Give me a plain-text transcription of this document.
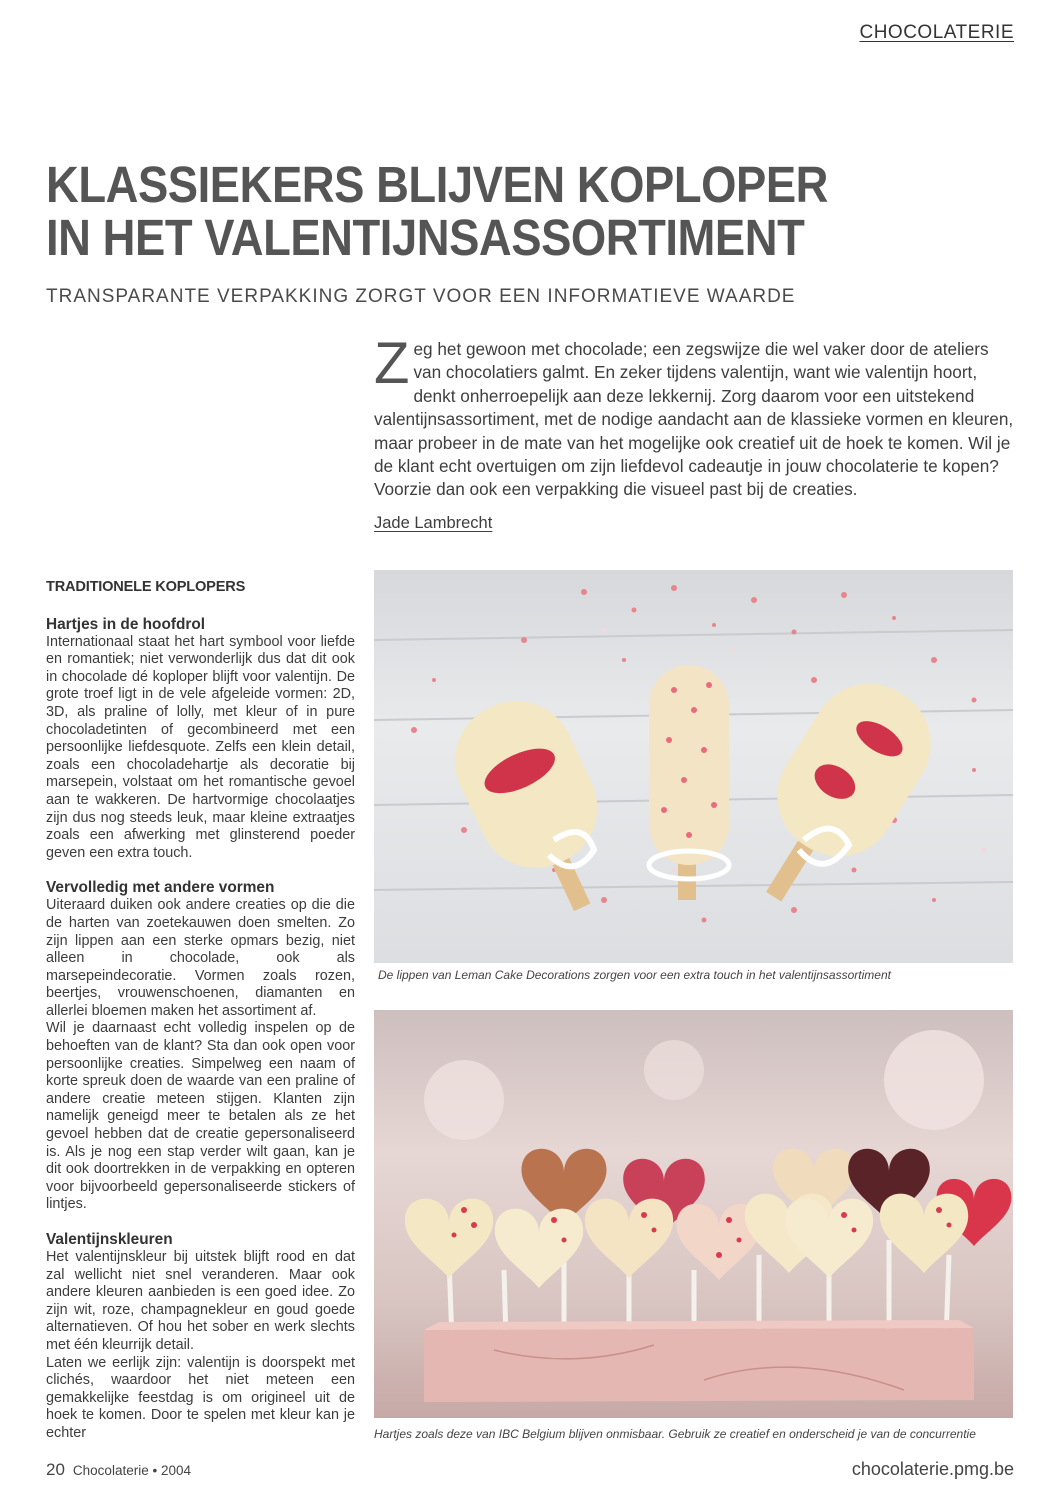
CHOCOLATERIE
KLASSIEKERS BLIJVEN KOPLOPER
IN HET VALENTIJNSASSORTIMENT
TRANSPARANTE VERPAKKING ZORGT VOOR EEN INFORMATIEVE WAARDE

Zeg het gewoon met chocolade; een zegswijze die wel vaker door de ateliers van chocolatiers galmt. En zeker tijdens valentijn, want wie valentijn hoort, denkt onherroepelijk aan deze lekkernij. Zorg daarom voor een uitstekend valentijnsassortiment, met de nodige aandacht aan de klassieke vormen en kleuren, maar probeer in de mate van het mogelijke ook creatief uit de hoek te komen. Wil je de klant echt overtuigen om zijn liefdevol cadeautje in jouw chocolaterie te kopen? Voorzie dan ook een verpakking die visueel past bij de creaties.

Jade Lambrecht
TRADITIONELE KOPLOPERS
Hartjes in de hoofdrol

Internationaal staat het hart symbool voor liefde en romantiek; niet verwonderlijk dus dat dit ook in chocolade dé koploper blijft voor valentijn. De grote troef ligt in de vele afgeleide vormen: 2D, 3D, als praline of lolly, met kleur of in pure chocoladetinten of gecombineerd met een persoonlijke liefdesquote. Zelfs een klein detail, zoals een chocoladehartje als decoratie bij marsepein, volstaat om het romantische gevoel aan te wakkeren. De hartvormige chocolaatjes zijn dus nog steeds leuk, maar kleine extraatjes zoals een afwerking met glinsterend poeder geven een extra touch.

Vervolledig met andere vormen

Uiteraard duiken ook andere creaties op die die de harten van zoetekauwen doen smelten. Zo zijn lippen aan een sterke opmars bezig, niet alleen in chocolade, ook als marsepeindecoratie. Vormen zoals rozen, beertjes, vrouwenschoenen, diamanten en allerlei bloemen maken het assortiment af.

Wil je daarnaast echt volledig inspelen op de behoeften van de klant? Sta dan ook open voor persoonlijke creaties. Simpelweg een naam of korte spreuk doen de waarde van een praline of andere creatie meteen stijgen. Klanten zijn namelijk geneigd meer te betalen als ze het gevoel hebben dat de creatie gepersonaliseerd is. Als je nog een stap verder wilt gaan, kan je dit ook doortrekken in de verpakking en opteren voor bijvoorbeeld gepersonaliseerde stickers of lintjes.

Valentijnskleuren

Het valentijnskleur bij uitstek blijft rood en dat zal wellicht niet snel veranderen. Maar ook andere kleuren aanbieden is een goed idee. Zo zijn wit, roze, champagnekleur en goud goede alternatieven. Of hou het sober en werk slechts met één kleurrijk detail.

Laten we eerlijk zijn: valentijn is doorspekt met clichés, waardoor het niet meteen een gemakkelijke feestdag is om origineel uit de hoek te komen. Door te spelen met kleur kan je echter

De lippen van Leman Cake Decorations zorgen voor een extra touch in het valentijnsassortiment
Hartjes zoals deze van IBC Belgium blijven onmisbaar. Gebruik ze creatief en onderscheid je van de concurrentie
20 Chocolaterie • 2004	chocolaterie.pmg.be
